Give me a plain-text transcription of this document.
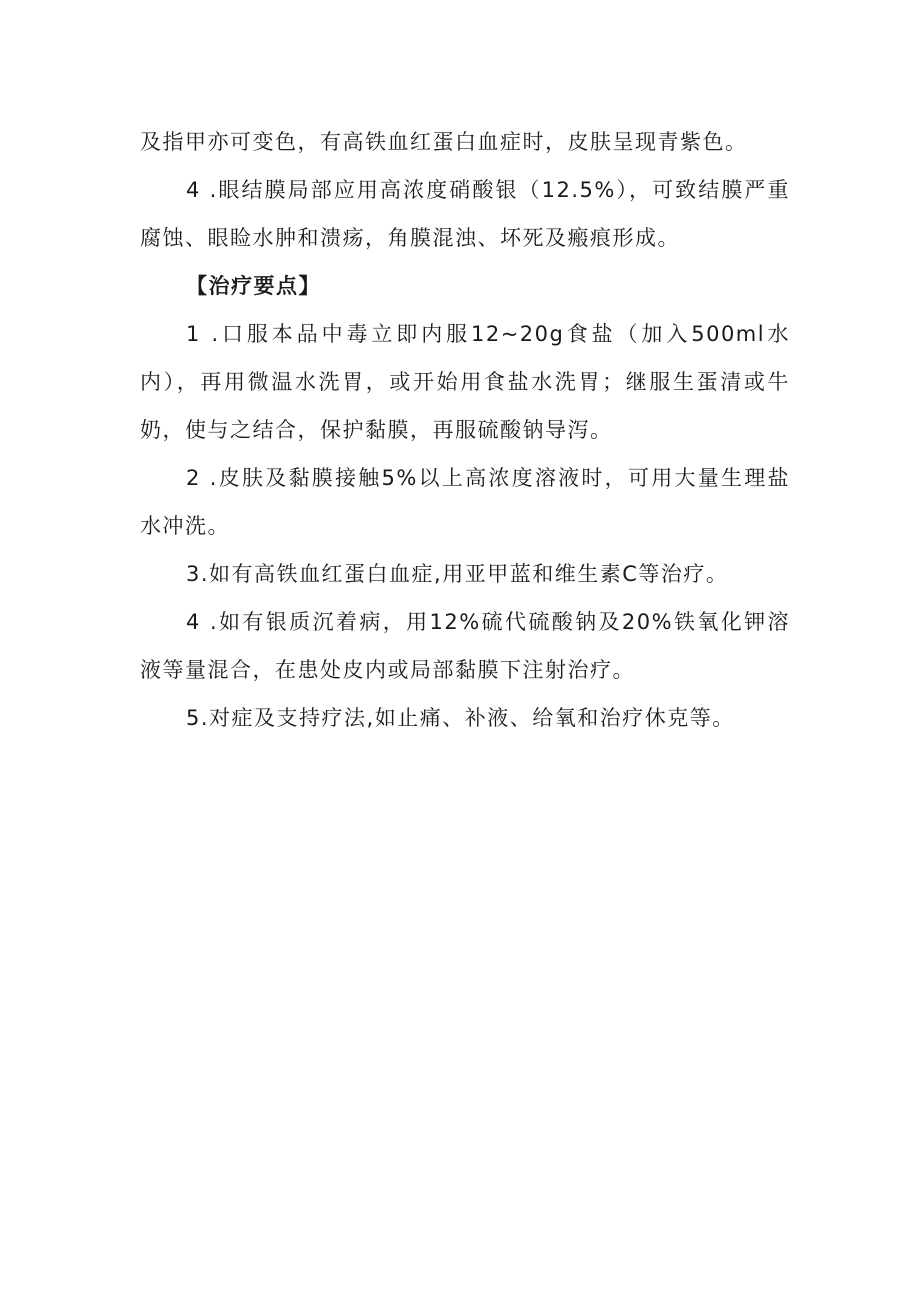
及指甲亦可变色，有高铁血红蛋白血症时，皮肤呈现青紫色。

4 .眼结膜局部应用高浓度硝酸银（12.5%），可致结膜严重腐蚀、眼睑水肿和溃疡，角膜混浊、坏死及瘢痕形成。

【治疗要点】

1 .口服本品中毒立即内服12~20g食盐（加入500ml水内），再用微温水洗胃，或开始用食盐水洗胃；继服生蛋清或牛奶，使与之结合，保护黏膜，再服硫酸钠导泻。

2 .皮肤及黏膜接触5%以上高浓度溶液时，可用大量生理盐水冲洗。

3.如有高铁血红蛋白血症,用亚甲蓝和维生素C等治疗。

4 .如有银质沉着病，用12%硫代硫酸钠及20%铁氧化钾溶液等量混合，在患处皮内或局部黏膜下注射治疗。

5.对症及支持疗法,如止痛、补液、给氧和治疗休克等。
